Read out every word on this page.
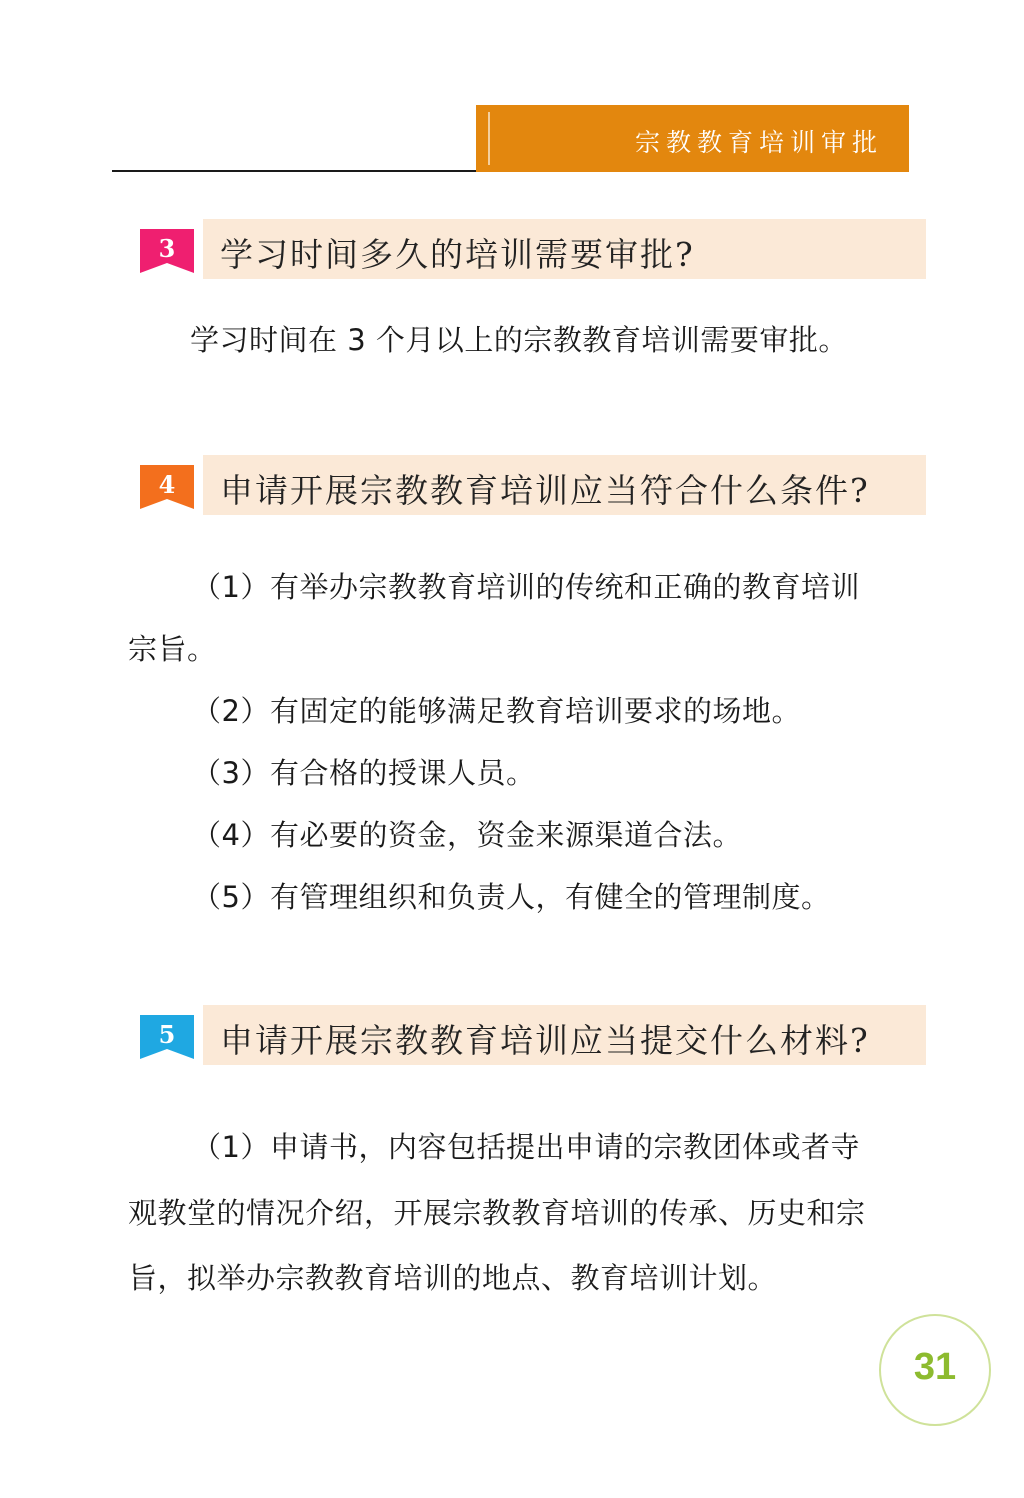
宗教教育培训审批
3	学习时间多久的培训需要审批?
学习时间在 3 个月以上的宗教教育培训需要审批。
4	申请开展宗教教育培训应当符合什么条件?
（1）有举办宗教教育培训的传统和正确的教育培训
宗旨。
（2）有固定的能够满足教育培训要求的场地。
（3）有合格的授课人员。
（4）有必要的资金，资金来源渠道合法。
（5）有管理组织和负责人，有健全的管理制度。
5	申请开展宗教教育培训应当提交什么材料?
（1）申请书，内容包括提出申请的宗教团体或者寺
观教堂的情况介绍，开展宗教教育培训的传承、历史和宗
旨，拟举办宗教教育培训的地点、教育培训计划。
31
